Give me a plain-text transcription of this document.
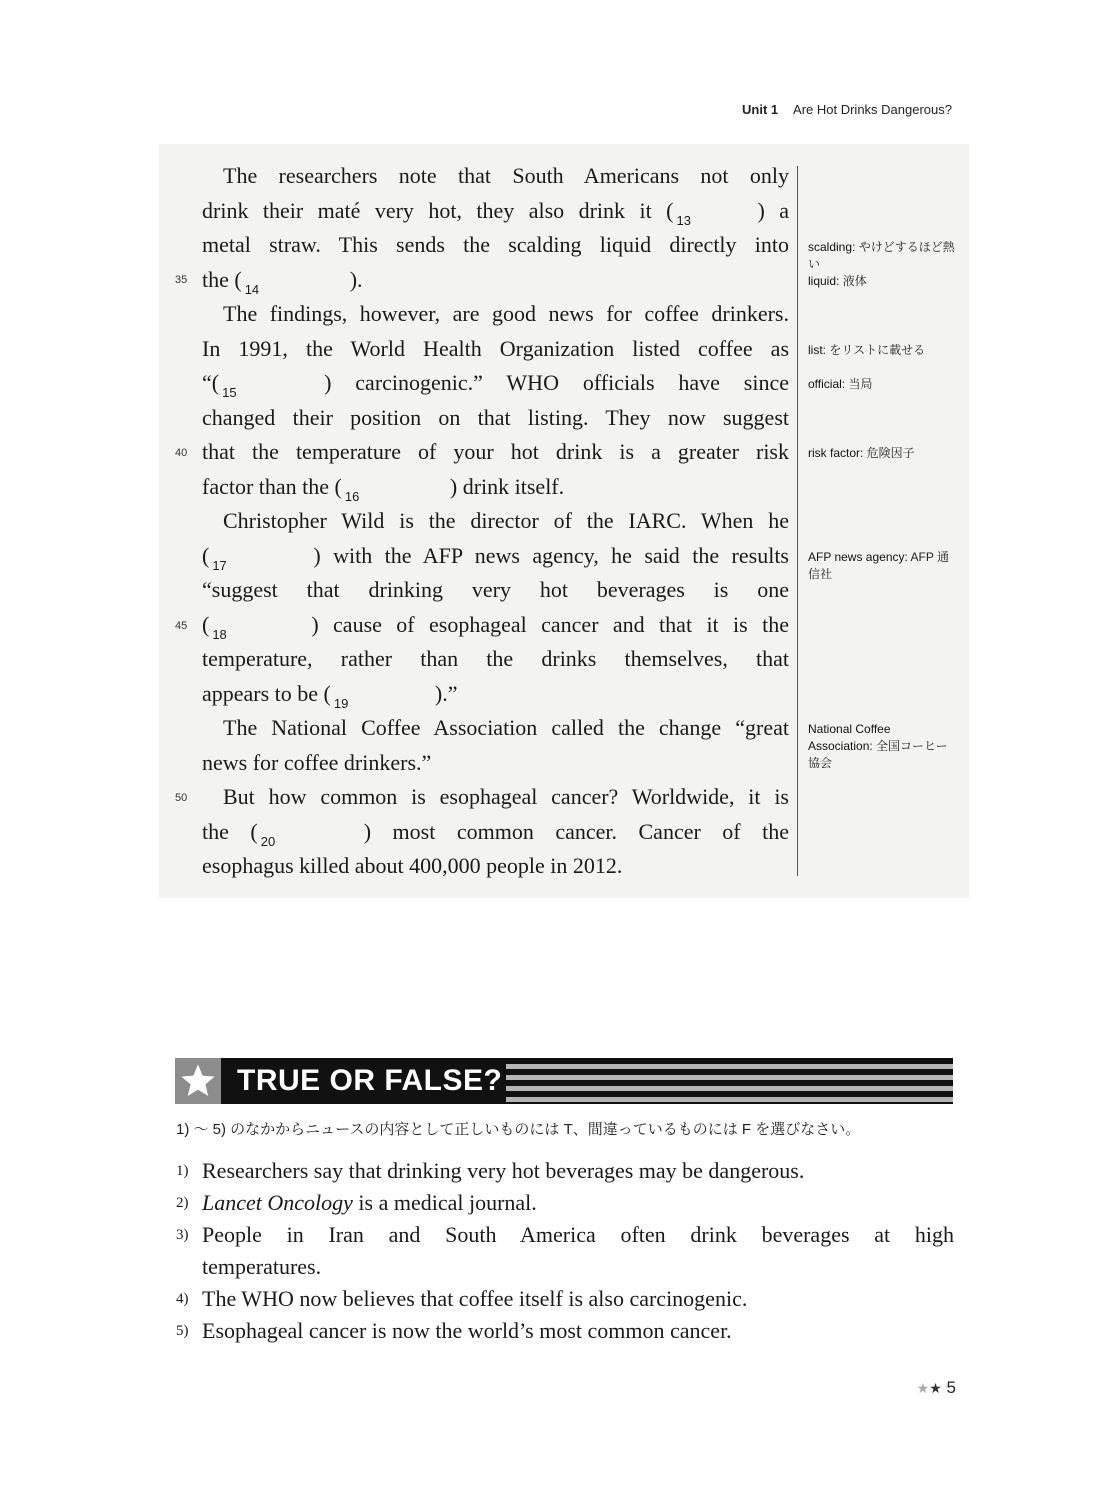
Unit 1 Are Hot Drinks Dangerous?
The researchers note that South Americans not only
drink their maté very hot, they also drink it ( 13	) a
metal straw. This sends the scalding liquid directly into
the ( 14	).
The findings, however, are good news for coffee drinkers.
In 1991, the World Health Organization listed coffee as
“( 15	) carcinogenic.” WHO officials have since
changed their position on that listing. They now suggest
that the temperature of your hot drink is a greater risk
factor than the ( 16	) drink itself.
Christopher Wild is the director of the IARC. When he
( 17	) with the AFP news agency, he said the results
“suggest that drinking very hot beverages is one
( 18	) cause of esophageal cancer and that it is the
temperature, rather than the drinks themselves, that
appears to be ( 19	).”
The National Coffee Association called the change “great
news for coffee drinkers.”
But how common is esophageal cancer? Worldwide, it is
the ( 20	) most common cancer. Cancer of the
esophagus killed about 400,000 people in 2012.
35
40
45
50
scalding: やけどするほど熱い
liquid: 液体
list: をリストに載せる
official: 当局
risk factor: 危険因子
AFP news agency: AFP 通信社
National Coffee Association: 全国コーヒー協会
TRUE OR FALSE?
1) ～ 5) のなかからニュースの内容として正しいものには T、間違っているものには F を選びなさい。
1) Researchers say that drinking very hot beverages may be dangerous.
2) Lancet Oncology is a medical journal.
3) People in Iran and South America often drink beverages at high
temperatures.
4) The WHO now believes that coffee itself is also carcinogenic.
5) Esophageal cancer is now the world’s most common cancer.
★★ 5
